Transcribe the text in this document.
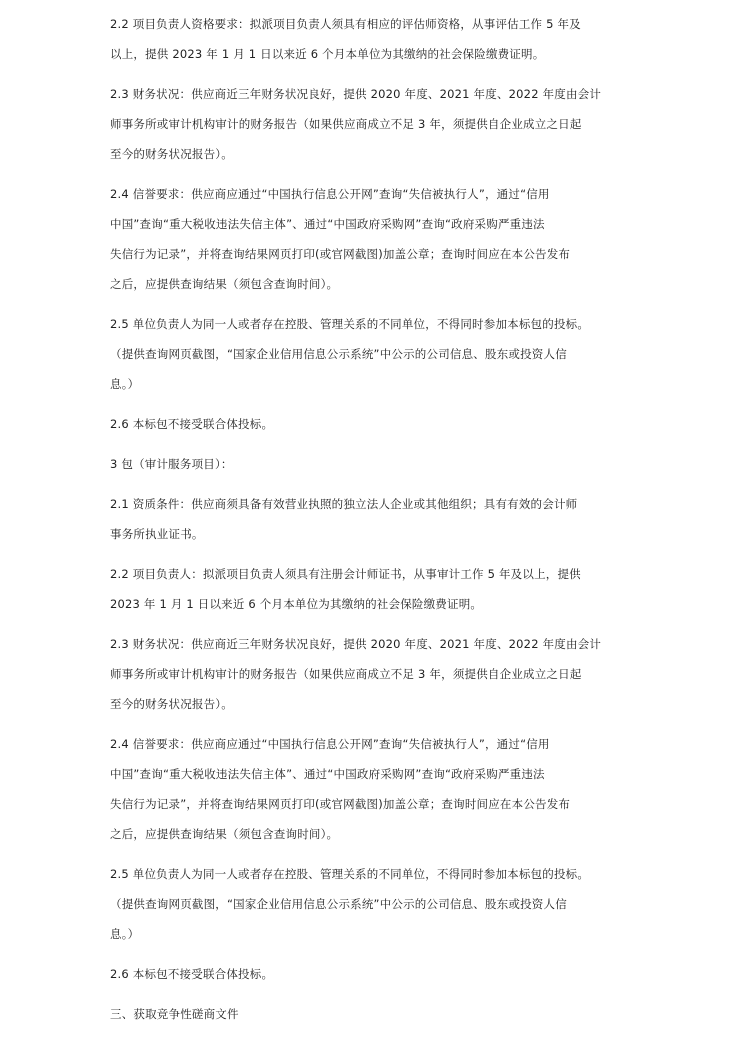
2.2 项目负责人资格要求：拟派项目负责人须具有相应的评估师资格，从事评估工作 5 年及
以上，提供 2023 年 1 月 1 日以来近 6 个月本单位为其缴纳的社会保险缴费证明。

2.3 财务状况：供应商近三年财务状况良好，提供 2020 年度、2021 年度、2022 年度由会计
师事务所或审计机构审计的财务报告（如果供应商成立不足 3 年，须提供自企业成立之日起
至今的财务状况报告）。

2.4 信誉要求：供应商应通过“中国执行信息公开网”查询“失信被执行人”，通过“信用
中国”查询“重大税收违法失信主体”、通过“中国政府采购网”查询“政府采购严重违法
失信行为记录”，并将查询结果网页打印(或官网截图)加盖公章；查询时间应在本公告发布
之后，应提供查询结果（须包含查询时间）。

2.5 单位负责人为同一人或者存在控股、管理关系的不同单位，不得同时参加本标包的投标。
（提供查询网页截图，“国家企业信用信息公示系统”中公示的公司信息、股东或投资人信
息。）

2.6 本标包不接受联合体投标。

3 包（审计服务项目）：

2.1 资质条件：供应商须具备有效营业执照的独立法人企业或其他组织；具有有效的会计师
事务所执业证书。

2.2 项目负责人：拟派项目负责人须具有注册会计师证书，从事审计工作 5 年及以上，提供
2023 年 1 月 1 日以来近 6 个月本单位为其缴纳的社会保险缴费证明。

2.3 财务状况：供应商近三年财务状况良好，提供 2020 年度、2021 年度、2022 年度由会计
师事务所或审计机构审计的财务报告（如果供应商成立不足 3 年，须提供自企业成立之日起
至今的财务状况报告）。

2.4 信誉要求：供应商应通过“中国执行信息公开网”查询“失信被执行人”，通过“信用
中国”查询“重大税收违法失信主体”、通过“中国政府采购网”查询“政府采购严重违法
失信行为记录”，并将查询结果网页打印(或官网截图)加盖公章；查询时间应在本公告发布
之后，应提供查询结果（须包含查询时间）。

2.5 单位负责人为同一人或者存在控股、管理关系的不同单位，不得同时参加本标包的投标。
（提供查询网页截图，“国家企业信用信息公示系统”中公示的公司信息、股东或投资人信
息。）

2.6 本标包不接受联合体投标。

三、获取竞争性磋商文件
